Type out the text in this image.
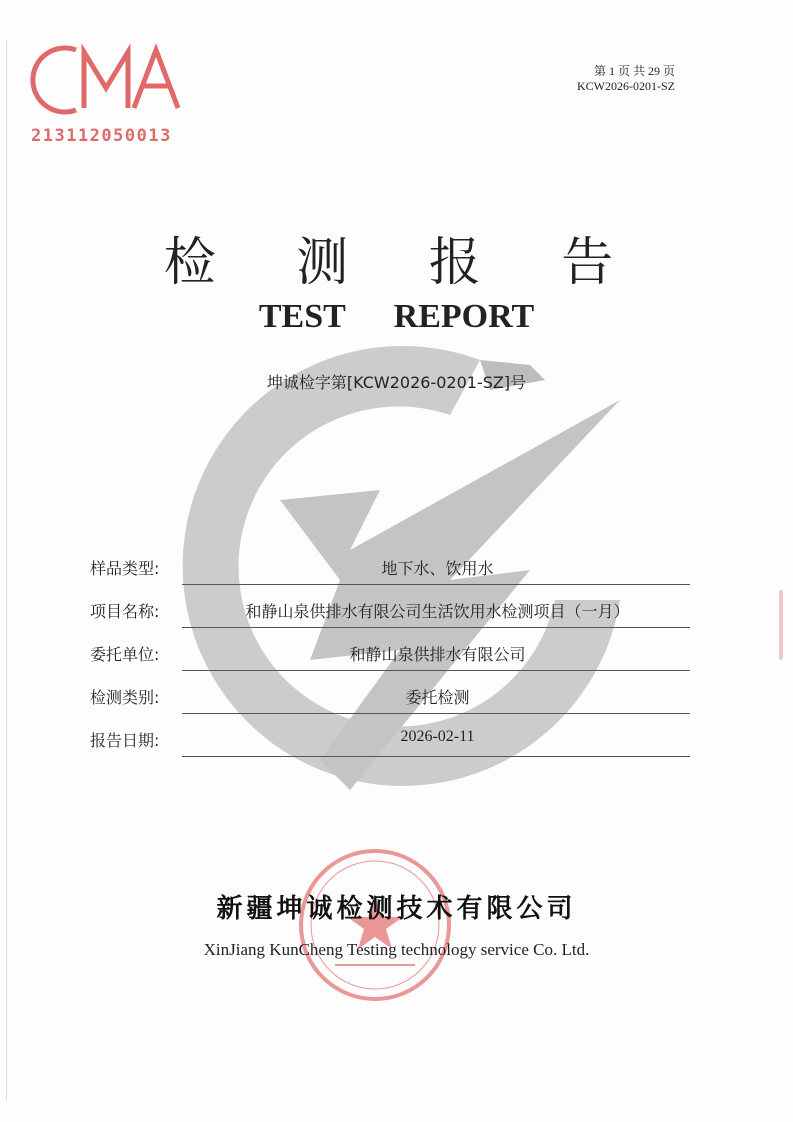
21311205001З
第 1 页 共 29 页
KCW2026-0201-SZ
检 测 报 告
TEST REPORT
坤诚检字第[KCW2026-0201-SZ]号
样品类型:	地下水、饮用水
项目名称:	和静山泉供排水有限公司生活饮用水检测项目（一月）
委托单位:	和静山泉供排水有限公司
检测类别:	委托检测
报告日期:	2026-02-11
新疆坤诚检测技术有限公司
XinJiang KunCheng Testing technology service Co. Ltd.
